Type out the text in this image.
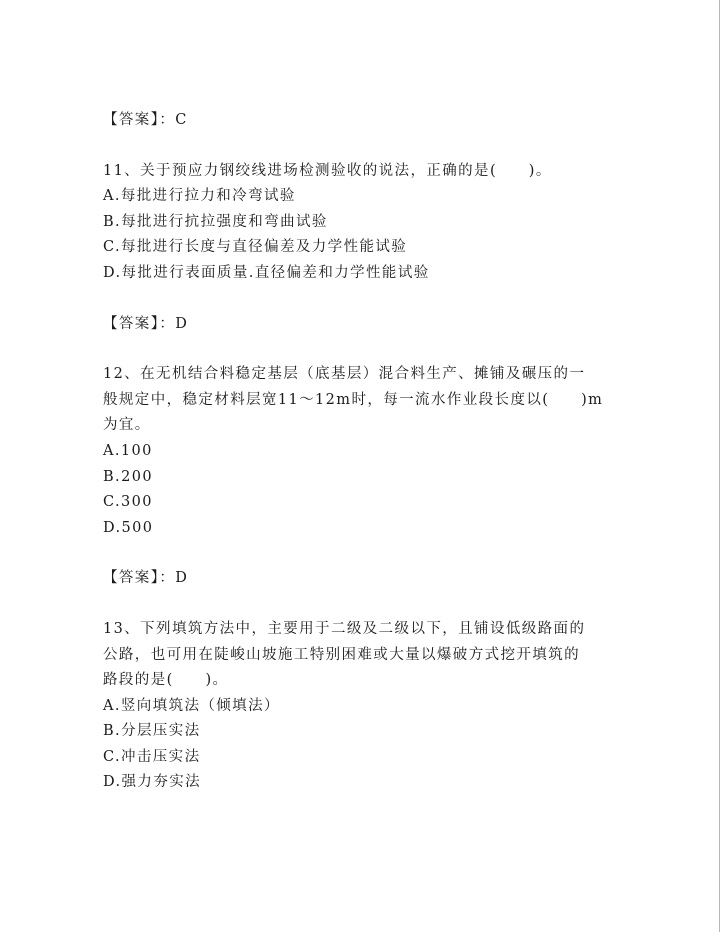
【答案】：C

11、关于预应力钢绞线进场检测验收的说法，正确的是(　　)。
A.每批进行拉力和冷弯试验
B.每批进行抗拉强度和弯曲试验
C.每批进行长度与直径偏差及力学性能试验
D.每批进行表面质量.直径偏差和力学性能试验

【答案】：D

12、在无机结合料稳定基层（底基层）混合料生产、摊铺及碾压的一
般规定中，稳定材料层宽11～12m时，每一流水作业段长度以(　　)m
为宜。
A.100
B.200
C.300
D.500

【答案】：D

13、下列填筑方法中，主要用于二级及二级以下，且铺设低级路面的
公路，也可用在陡峻山坡施工特别困难或大量以爆破方式挖开填筑的
路段的是(　　)。
A.竖向填筑法（倾填法）
B.分层压实法
C.冲击压实法
D.强力夯实法
